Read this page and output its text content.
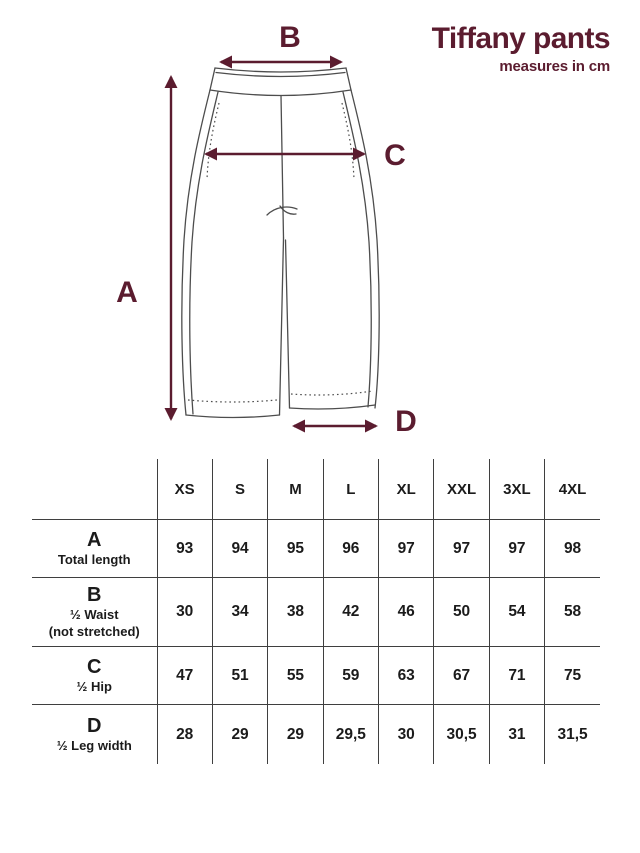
Tiffany pants
measures in cm
B
A
C
D
	XS	S	M	L	XL	XXL	3XL	4XL

A
Total length	93	94	95	96	97	97	97	98

B
½ Waist
(not stretched)	30	34	38	42	46	50	54	58

C
½ Hip	47	51	55	59	63	67	71	75

D
½ Leg width	28	29	29	29,5	30	30,5	31	31,5
